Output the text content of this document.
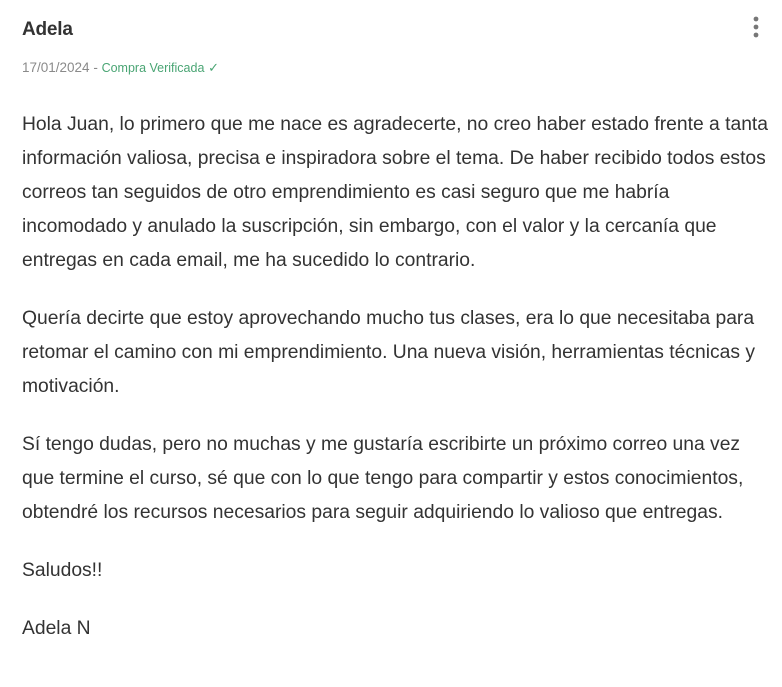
Adela
17/01/2024 - Compra Verificada ✓

Hola Juan, lo primero que me nace es agradecerte, no creo haber estado frente a tanta información valiosa, precisa e inspiradora sobre el tema. De haber recibido todos estos correos tan seguidos de otro emprendimiento es casi seguro que me habría incomodado y anulado la suscripción, sin embargo, con el valor y la cercanía que entregas en cada email, me ha sucedido lo contrario.

Quería decirte que estoy aprovechando mucho tus clases, era lo que necesitaba para retomar el camino con mi emprendimiento. Una nueva visión, herramientas técnicas y motivación.

Sí tengo dudas, pero no muchas y me gustaría escribirte un próximo correo una vez que termine el curso, sé que con lo que tengo para compartir y estos conocimientos, obtendré los recursos necesarios para seguir adquiriendo lo valioso que entregas.

Saludos!!

Adela N
